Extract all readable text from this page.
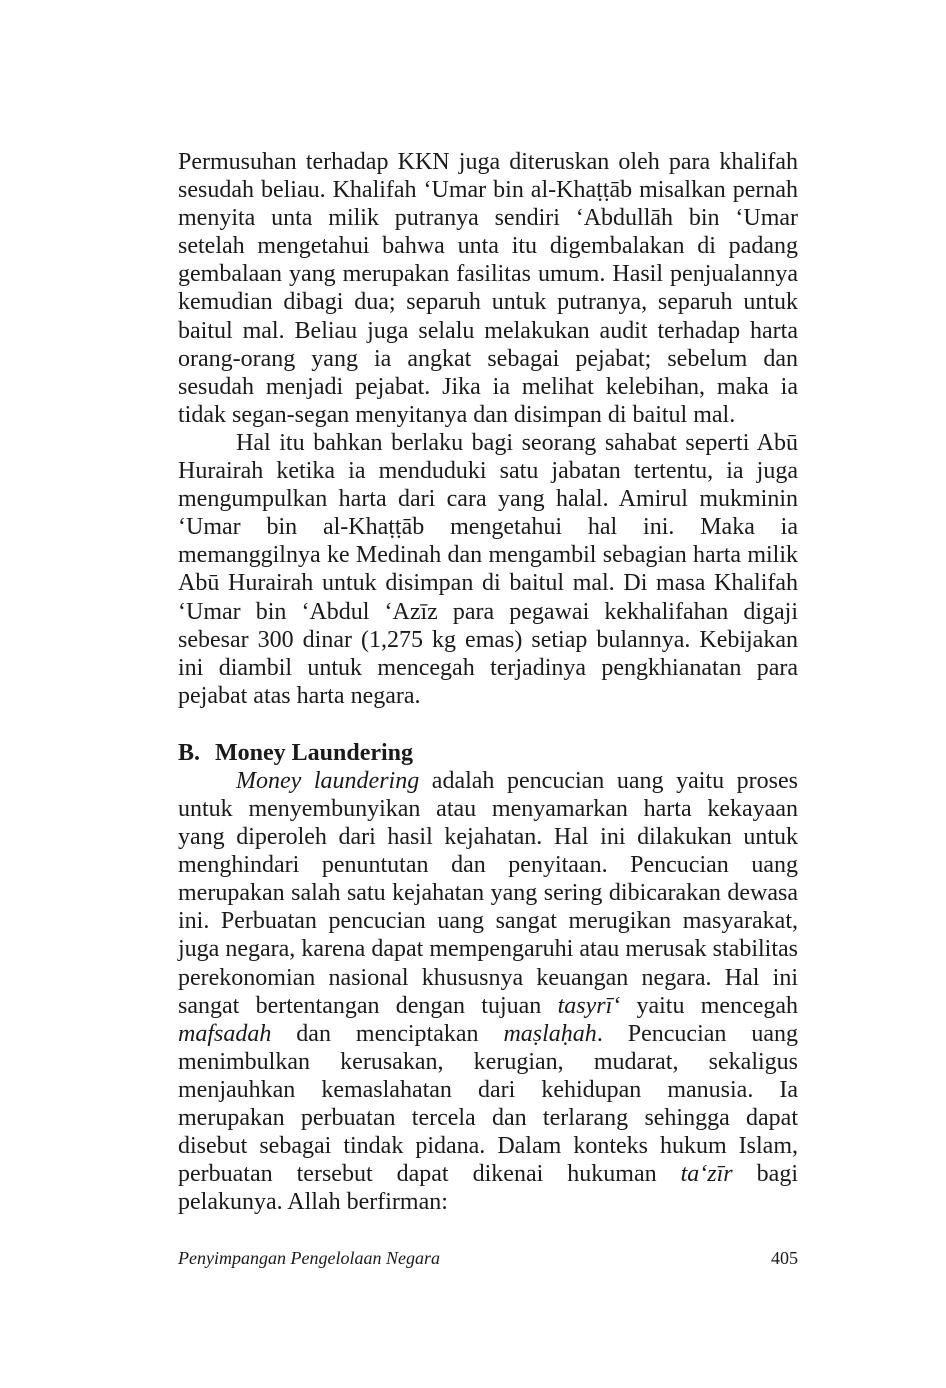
Permusuhan terhadap KKN juga diteruskan oleh para khalifah sesudah beliau. Khalifah ‘Umar bin al-Khaṭṭāb misalkan pernah menyita unta milik putranya sendiri ‘Abdullāh bin ‘Umar setelah mengetahui bahwa unta itu digembalakan di padang gembalaan yang merupakan fasilitas umum. Hasil penjualannya kemudian dibagi dua; separuh untuk putranya, separuh untuk baitul mal. Beliau juga selalu melakukan audit terhadap harta orang-orang yang ia angkat sebagai pejabat; sebelum dan sesudah menjadi pejabat. Jika ia melihat kelebihan, maka ia tidak segan-segan menyitanya dan disimpan di baitul mal.

Hal itu bahkan berlaku bagi seorang sahabat seperti Abū Hurairah ketika ia menduduki satu jabatan tertentu, ia juga mengumpulkan harta dari cara yang halal. Amirul mukminin ‘Umar bin al-Khaṭṭāb mengetahui hal ini. Maka ia memanggilnya ke Medinah dan mengambil sebagian harta milik Abū Hurairah untuk disimpan di baitul mal. Di masa Khalifah ‘Umar bin ‘Abdul ‘Azīz para pegawai kekhalifahan digaji sebesar 300 dinar (1,275 kg emas) setiap bulannya. Kebijakan ini diambil untuk mencegah terjadinya pengkhianatan para pejabat atas harta negara.

B. Money Laundering

Money laundering adalah pencucian uang yaitu proses untuk menyembunyikan atau menyamarkan harta kekayaan yang diperoleh dari hasil kejahatan. Hal ini dilakukan untuk menghindari penuntutan dan penyitaan. Pencucian uang merupakan salah satu kejahatan yang sering dibicarakan dewasa ini. Perbuatan pencucian uang sangat merugikan masyarakat, juga negara, karena dapat mempengaruhi atau merusak stabilitas perekonomian nasional khususnya keuangan negara. Hal ini sangat bertentangan dengan tujuan tasyrī‘ yaitu mencegah mafsadah dan menciptakan maṣlaḥah. Pencucian uang menimbulkan kerusakan, kerugian, mudarat, sekaligus menjauhkan kemaslahatan dari kehidupan manusia. Ia merupakan perbuatan tercela dan terlarang sehingga dapat disebut sebagai tindak pidana. Dalam konteks hukum Islam, perbuatan tersebut dapat dikenai hukuman ta‘zīr bagi pelakunya. Allah berfirman:

Penyimpangan Pengelolaan Negara	405
